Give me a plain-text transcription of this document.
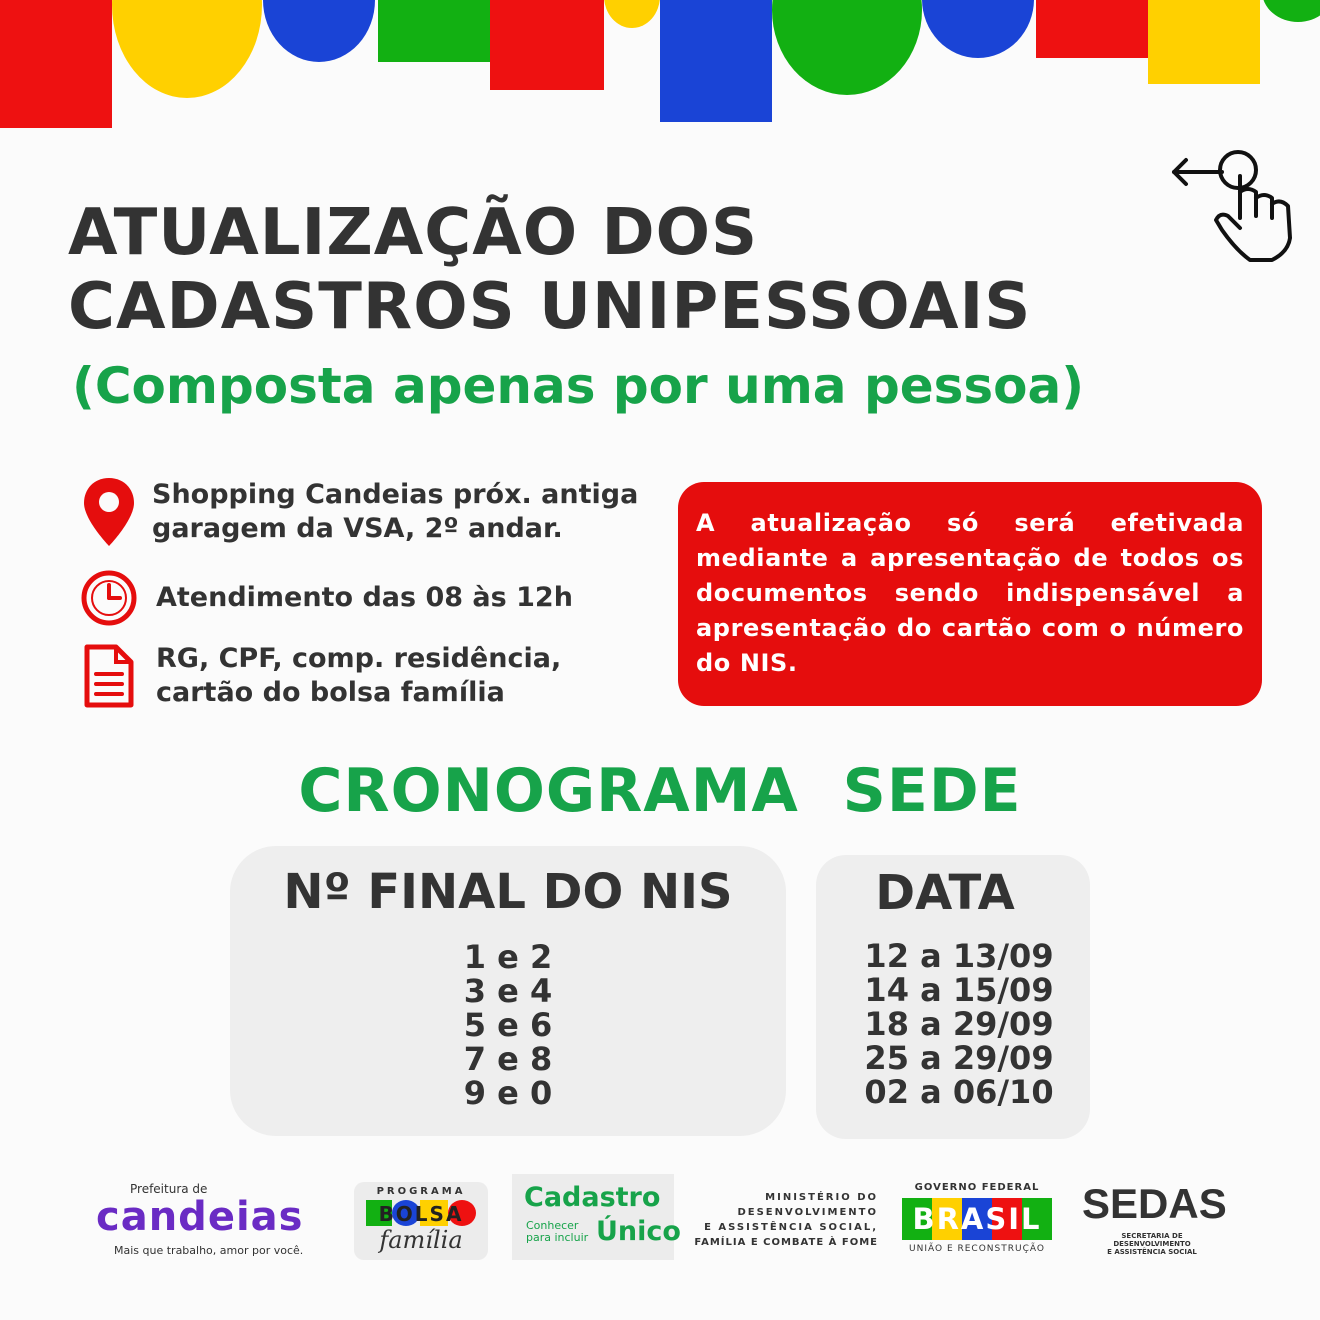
ATUALIZAÇÃO DOS
CADASTROS UNIPESSOAIS
(Composta apenas por uma pessoa)
Shopping Candeias próx. antiga
garagem da VSA, 2º andar.
Atendimento das 08 às 12h
RG, CPF, comp. residência,
cartão do bolsa família
A atualização só será efetivada mediante a apresentação de todos os documentos sendo indispensável a apresentação do cartão com o número do NIS.
CRONOGRAMA  SEDE
Nº FINAL DO NIS
1 e 2
3 e 4
5 e 6
7 e 8
9 e 0
DATA
12 a 13/09
14 a 15/09
18 a 29/09
25 a 29/09
02 a 06/10
Prefeitura de
candeias
Mais que trabalho, amor por você.
PROGRAMA
BOLSA
família
Cadastro
Conhecer
para incluir Único
MINISTÉRIO DO
DESENVOLVIMENTO
E ASSISTÊNCIA SOCIAL,
FAMÍLIA E COMBATE À FOME
GOVERNO FEDERAL
BRASIL
UNIÃO E RECONSTRUÇÃO
SEDAS
SECRETARIA DE DESENVOLVIMENTO
E ASSISTÊNCIA SOCIAL
